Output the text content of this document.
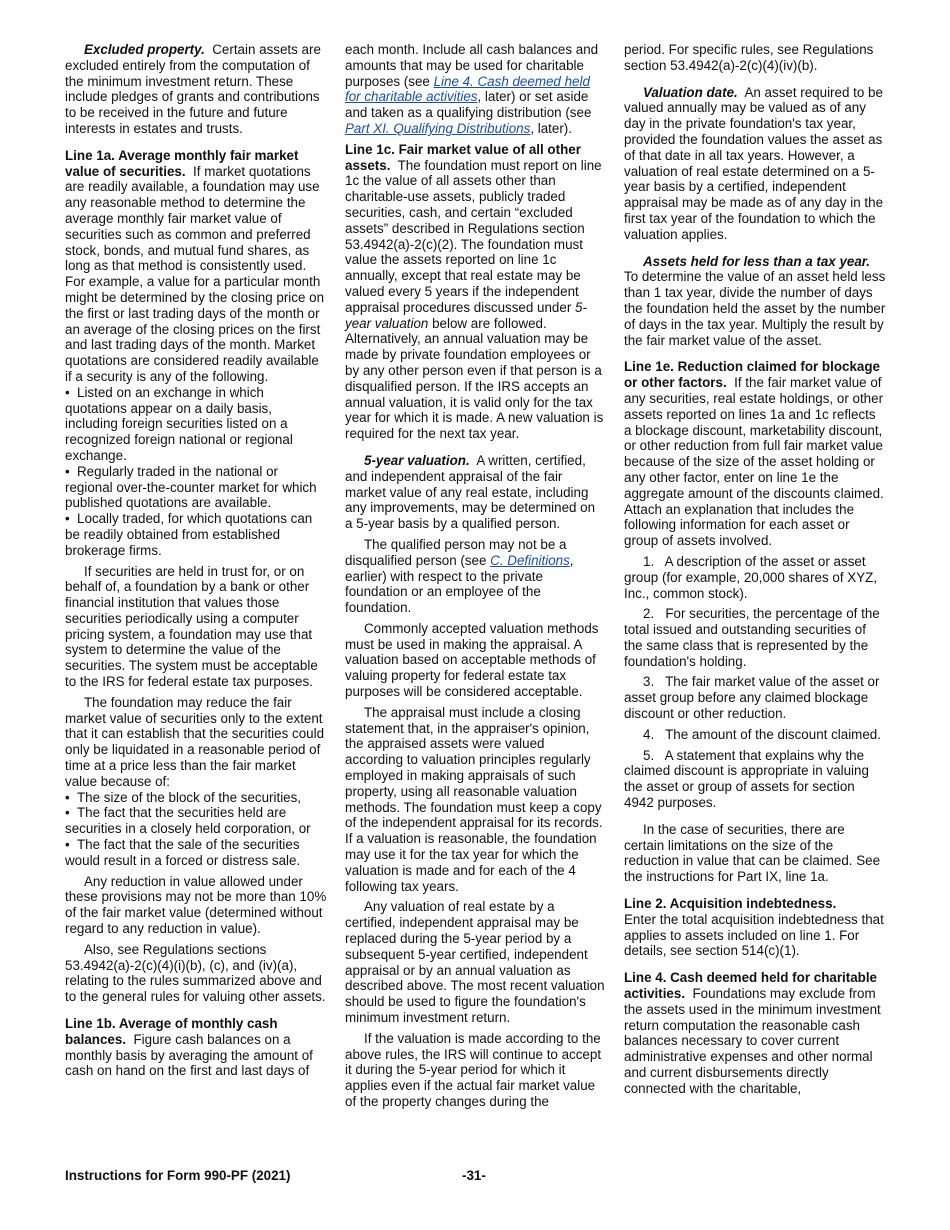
Excluded property. Certain assets are excluded entirely from the computation of the minimum investment return. These include pledges of grants and contributions to be received in the future and future interests in estates and trusts.

Line 1a. Average monthly fair market value of securities. If market quotations are readily available, a foundation may use any reasonable method to determine the average monthly fair market value of securities such as common and preferred stock, bonds, and mutual fund shares, as long as that method is consistently used. For example, a value for a particular month might be determined by the closing price on the first or last trading days of the month or an average of the closing prices on the first and last trading days of the month. Market quotations are considered readily available if a security is any of the following.

• Listed on an exchange in which quotations appear on a daily basis, including foreign securities listed on a recognized foreign national or regional exchange.

• Regularly traded in the national or regional over-the-counter market for which published quotations are available.

• Locally traded, for which quotations can be readily obtained from established brokerage firms.

If securities are held in trust for, or on behalf of, a foundation by a bank or other financial institution that values those securities periodically using a computer pricing system, a foundation may use that system to determine the value of the securities. The system must be acceptable to the IRS for federal estate tax purposes.

The foundation may reduce the fair market value of securities only to the extent that it can establish that the securities could only be liquidated in a reasonable period of time at a price less than the fair market value because of:

• The size of the block of the securities,

• The fact that the securities held are securities in a closely held corporation, or

• The fact that the sale of the securities would result in a forced or distress sale.

Any reduction in value allowed under these provisions may not be more than 10% of the fair market value (determined without regard to any reduction in value).

Also, see Regulations sections 53.4942(a)-2(c)(4)(i)(b), (c), and (iv)(a), relating to the rules summarized above and to the general rules for valuing other assets.

Line 1b. Average of monthly cash balances. Figure cash balances on a monthly basis by averaging the amount of cash on hand on the first and last days of

each month. Include all cash balances and amounts that may be used for charitable purposes (see Line 4. Cash deemed held for charitable activities, later) or set aside and taken as a qualifying distribution (see Part XI. Qualifying Distributions, later).

Line 1c. Fair market value of all other assets. The foundation must report on line 1c the value of all assets other than charitable-use assets, publicly traded securities, cash, and certain “excluded assets” described in Regulations section 53.4942(a)-2(c)(2). The foundation must value the assets reported on line 1c annually, except that real estate may be valued every 5 years if the independent appraisal procedures discussed under 5-year valuation below are followed. Alternatively, an annual valuation may be made by private foundation employees or by any other person even if that person is a disqualified person. If the IRS accepts an annual valuation, it is valid only for the tax year for which it is made. A new valuation is required for the next tax year.

5-year valuation. A written, certified, and independent appraisal of the fair market value of any real estate, including any improvements, may be determined on a 5-year basis by a qualified person.

The qualified person may not be a disqualified person (see C. Definitions, earlier) with respect to the private foundation or an employee of the foundation.

Commonly accepted valuation methods must be used in making the appraisal. A valuation based on acceptable methods of valuing property for federal estate tax purposes will be considered acceptable.

The appraisal must include a closing statement that, in the appraiser's opinion, the appraised assets were valued according to valuation principles regularly employed in making appraisals of such property, using all reasonable valuation methods. The foundation must keep a copy of the independent appraisal for its records. If a valuation is reasonable, the foundation may use it for the tax year for which the valuation is made and for each of the 4 following tax years.

Any valuation of real estate by a certified, independent appraisal may be replaced during the 5-year period by a subsequent 5-year certified, independent appraisal or by an annual valuation as described above. The most recent valuation should be used to figure the foundation's minimum investment return.

If the valuation is made according to the above rules, the IRS will continue to accept it during the 5-year period for which it applies even if the actual fair market value of the property changes during the

period. For specific rules, see Regulations section 53.4942(a)-2(c)(4)(iv)(b).

Valuation date. An asset required to be valued annually may be valued as of any day in the private foundation's tax year, provided the foundation values the asset as of that date in all tax years. However, a valuation of real estate determined on a 5-year basis by a certified, independent appraisal may be made as of any day in the first tax year of the foundation to which the valuation applies.

Assets held for less than a tax year. To determine the value of an asset held less than 1 tax year, divide the number of days the foundation held the asset by the number of days in the tax year. Multiply the result by the fair market value of the asset.

Line 1e. Reduction claimed for blockage or other factors. If the fair market value of any securities, real estate holdings, or other assets reported on lines 1a and 1c reflects a blockage discount, marketability discount, or other reduction from full fair market value because of the size of the asset holding or any other factor, enter on line 1e the aggregate amount of the discounts claimed. Attach an explanation that includes the following information for each asset or group of assets involved.

1. A description of the asset or asset group (for example, 20,000 shares of XYZ, Inc., common stock).

2. For securities, the percentage of the total issued and outstanding securities of the same class that is represented by the foundation's holding.

3. The fair market value of the asset or asset group before any claimed blockage discount or other reduction.

4. The amount of the discount claimed.

5. A statement that explains why the claimed discount is appropriate in valuing the asset or group of assets for section 4942 purposes.

In the case of securities, there are certain limitations on the size of the reduction in value that can be claimed. See the instructions for Part IX, line 1a.

Line 2. Acquisition indebtedness.
Enter the total acquisition indebtedness that applies to assets included on line 1. For details, see section 514(c)(1).

Line 4. Cash deemed held for charitable activities. Foundations may exclude from the assets used in the minimum investment return computation the reasonable cash balances necessary to cover current administrative expenses and other normal and current disbursements directly connected with the charitable,

Instructions for Form 990-PF (2021)	-31-
